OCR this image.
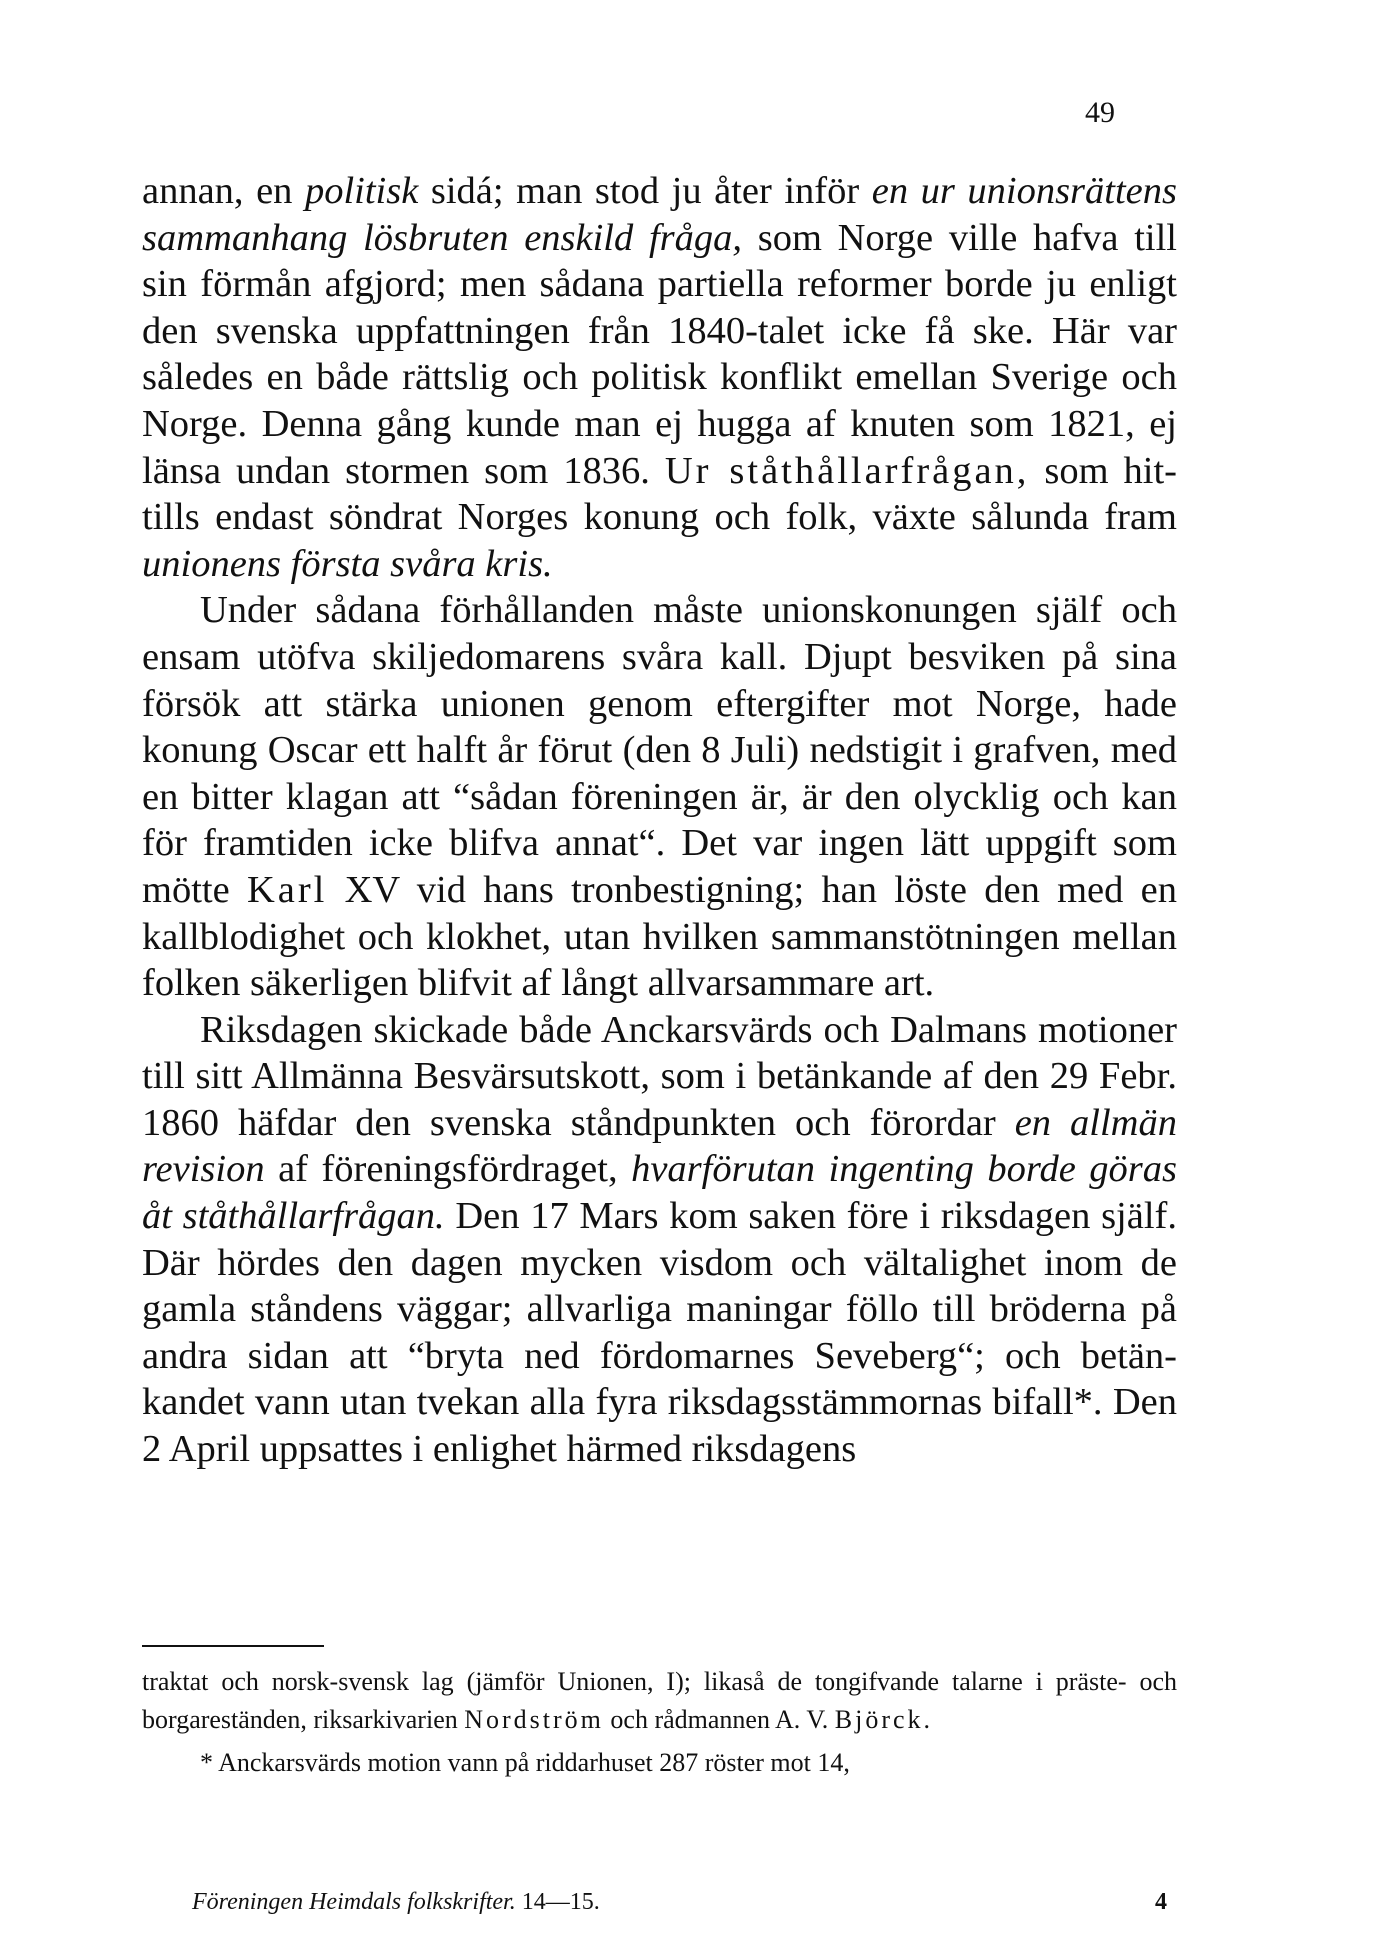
49

annan, en politisk sidá; man stod ju åter inför en ur unionsrättens sammanhang lösbruten enskild fråga, som Norge ville hafva till sin förmån afgjord; men sådana partiella reformer borde ju enligt den svenska uppfattningen från 1840-talet icke få ske. Här var således en både rättslig och politisk konflikt emellan Sverige och Norge. Denna gång kunde man ej hugga af knuten som 1821, ej länsa undan stormen som 1836. Ur ståthållarfrågan, som hittills endast söndrat Norges konung och folk, växte sålunda fram unionens första svåra kris.

Under sådana förhållanden måste unionskonungen själf och ensam utöfva skiljedomarens svåra kall. Djupt besviken på sina försök att stärka unionen genom eftergifter mot Norge, hade konung Oscar ett halft år förut (den 8 Juli) nedstigit i grafven, med en bitter klagan att “sådan föreningen är, är den olycklig och kan för framtiden icke blifva annat“. Det var ingen lätt uppgift som mötte Karl XV vid hans tronbestigning; han löste den med en kallblodighet och klokhet, utan hvilken sammanstötningen mellan folken säkerligen blifvit af långt allvarsammare art.

Riksdagen skickade både Anckarsvärds och Dalmans motioner till sitt Allmänna Besvärsutskott, som i betänkande af den 29 Febr. 1860 häfdar den svenska ståndpunkten och förordar en allmän revision af föreningsfördraget, hvarförutan ingenting borde göras åt ståthållarfrågan. Den 17 Mars kom saken före i riksdagen själf. Där hördes den dagen mycken visdom och vältalighet inom de gamla ståndens väggar; allvarliga maningar föllo till bröderna på andra sidan att “bryta ned fördomarnes Seveberg“; och betänkandet vann utan tvekan alla fyra riksdagsstämmornas bifall*. Den 2 April uppsattes i enlighet härmed riksdagens

traktat och norsk-svensk lag (jämför Unionen, I); likaså de tongifvande talarne i präste- och borgareständen, riksarkivarien Nordström och rådmannen A. V. Björck.

* Anckarsvärds motion vann på riddarhuset 287 röster mot 14,

Föreningen Heimdals folkskrifter. 14—15.	4
